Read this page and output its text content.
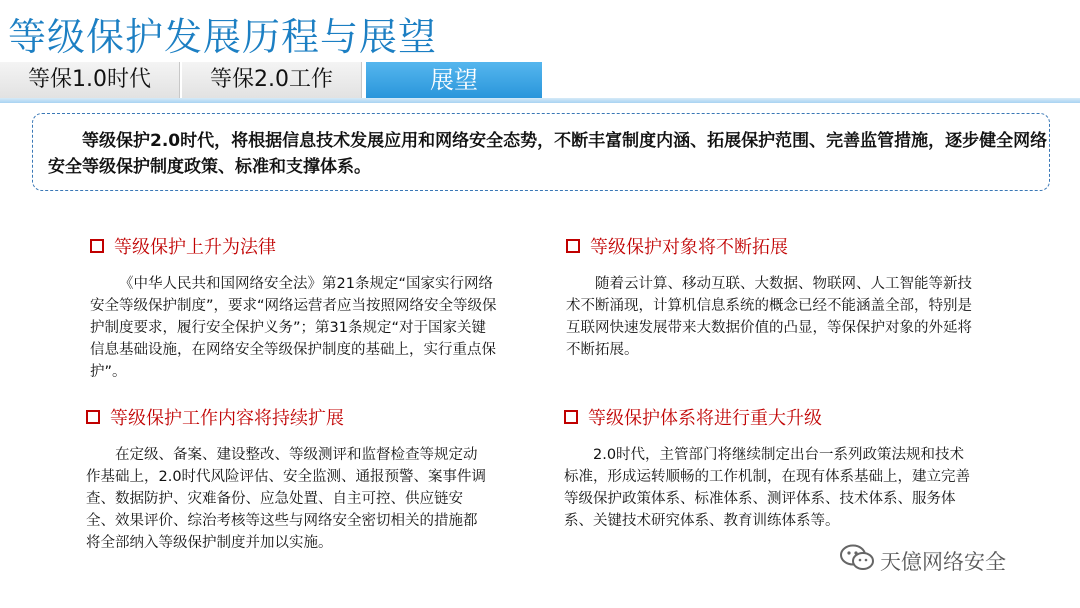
等级保护发展历程与展望
等保1.0时代	等保2.0工作	展望
等级保护2.0时代，将根据信息技术发展应用和网络安全态势，不断丰富制度内涵、拓展保护范围、完善监管措施，逐步健全网络安全等级保护制度政策、标准和支撑体系。
等级保护上升为法律
《中华人民共和国网络安全法》第21条规定“国家实行网络安全等级保护制度”，要求“网络运营者应当按照网络安全等级保护制度要求，履行安全保护义务”；第31条规定“对于国家关键信息基础设施，在网络安全等级保护制度的基础上，实行重点保护”。
等级保护对象将不断拓展
随着云计算、移动互联、大数据、物联网、人工智能等新技术不断涌现，计算机信息系统的概念已经不能涵盖全部，特别是互联网快速发展带来大数据价值的凸显，等保保护对象的外延将不断拓展。
等级保护工作内容将持续扩展
在定级、备案、建设整改、等级测评和监督检查等规定动作基础上，2.0时代风险评估、安全监测、通报预警、案事件调查、数据防护、灾难备份、应急处置、自主可控、供应链安全、效果评价、综治考核等这些与网络安全密切相关的措施都将全部纳入等级保护制度并加以实施。
等级保护体系将进行重大升级
2.0时代，主管部门将继续制定出台一系列政策法规和技术标准，形成运转顺畅的工作机制，在现有体系基础上，建立完善等级保护政策体系、标准体系、测评体系、技术体系、服务体系、关键技术研究体系、教育训练体系等。
天億网络安全
